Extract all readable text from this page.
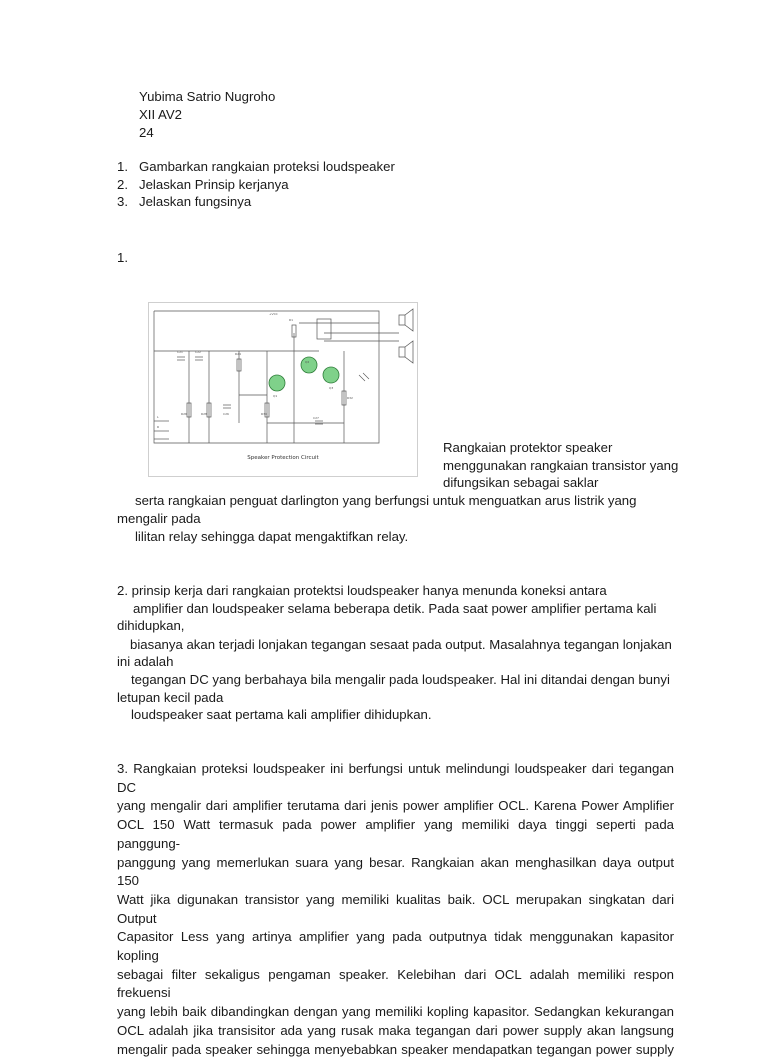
Yubima Satrio Nugroho
XII AV2
24
1. Gambarkan rangkaian proteksi loudspeaker
2. Jelaskan Prinsip kerjanya
3. Jelaskan fungsinya
1.
+VCC
R1
C21	C22	R24
Q1
Q2
Q3
R26	R28	C26	R30
C27
R32
L
R
Speaker Protection Circuit
Rangkaian protektor speaker
menggunakan rangkaian transistor yang
difungsikan sebagai saklar
serta rangkaian penguat darlington yang berfungsi untuk menguatkan arus listrik yang
mengalir pada
lilitan relay sehingga dapat mengaktifkan relay.
2. prinsip kerja dari rangkaian protektsi loudspeaker hanya menunda koneksi antara
amplifier dan loudspeaker selama beberapa detik. Pada saat power amplifier pertama kali
dihidupkan,
biasanya akan terjadi lonjakan tegangan sesaat pada output. Masalahnya tegangan lonjakan
ini adalah
tegangan DC yang berbahaya bila mengalir pada loudspeaker. Hal ini ditandai dengan bunyi
letupan kecil pada
loudspeaker saat pertama kali amplifier dihidupkan.
3. Rangkaian proteksi loudspeaker ini berfungsi untuk melindungi loudspeaker dari tegangan DC
yang mengalir dari amplifier terutama dari jenis power amplifier OCL. Karena Power Amplifier
OCL 150 Watt termasuk pada power amplifier yang memiliki daya tinggi seperti pada panggung-
panggung yang memerlukan suara yang besar. Rangkaian akan menghasilkan daya output 150
Watt jika digunakan transistor yang memiliki kualitas baik. OCL merupakan singkatan dari Output
Capasitor Less yang artinya amplifier yang pada outputnya tidak menggunakan kapasitor kopling
sebagai filter sekaligus pengaman speaker. Kelebihan dari OCL adalah memiliki respon frekuensi
yang lebih baik dibandingkan dengan yang memiliki kopling kapasitor. Sedangkan kekurangan
OCL adalah jika transisitor ada yang rusak maka tegangan dari power supply akan langsung
mengalir pada speaker sehingga menyebabkan speaker mendapatkan tegangan power supply
